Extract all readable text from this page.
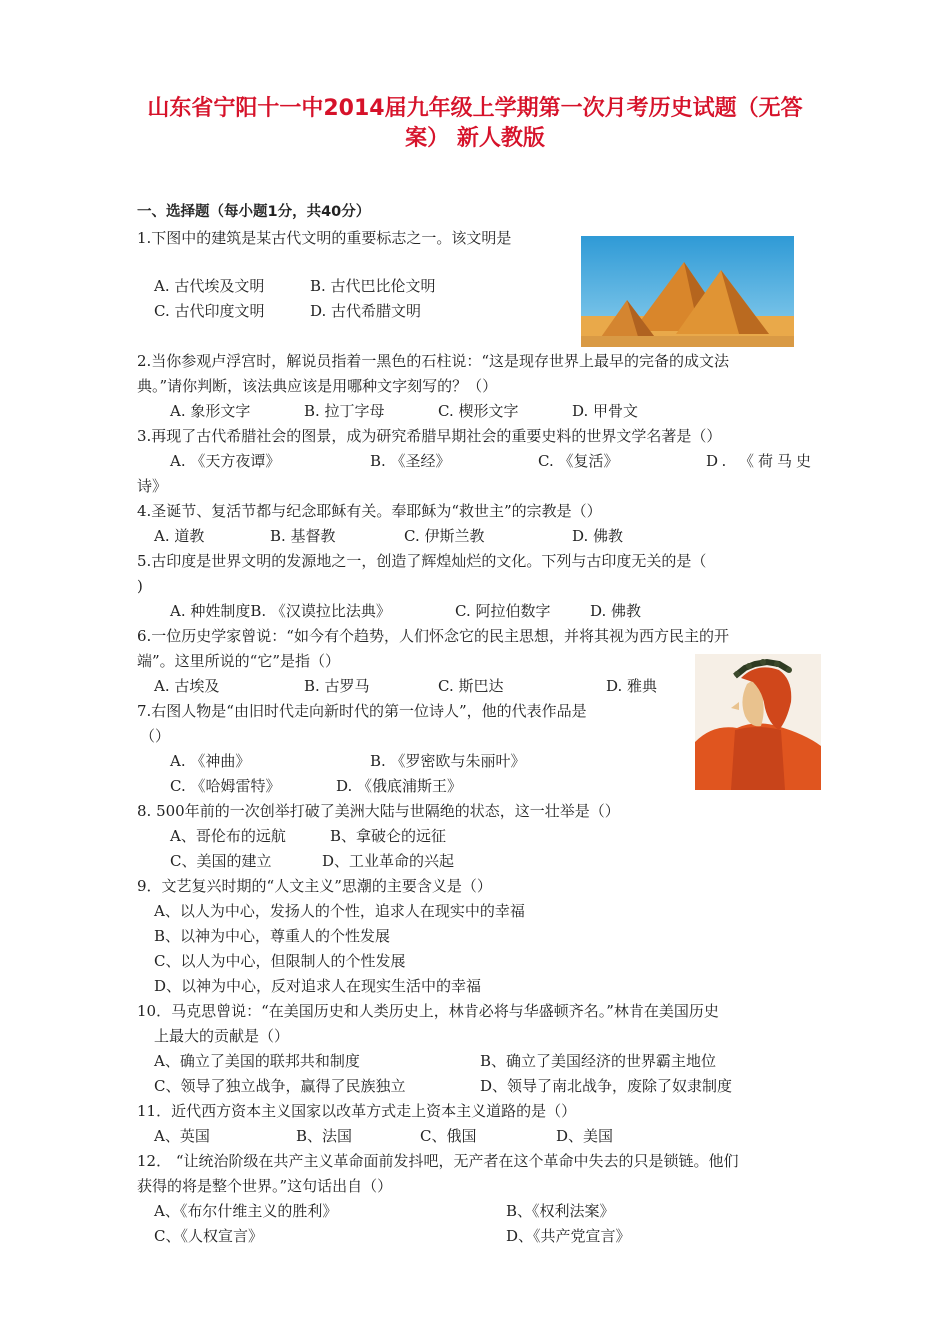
山东省宁阳十一中2014届九年级上学期第一次月考历史试题（无答
案） 新人教版
一、选择题（每小题1分，共40分）
1.下图中的建筑是某古代文明的重要标志之一。该文明是
A. 古代埃及文明	B. 古代巴比伦文明
C. 古代印度文明	D. 古代希腊文明
2.当你参观卢浮宫时，解说员指着一黑色的石柱说：“这是现存世界上最早的完备的成文法
典。”请你判断，该法典应该是用哪种文字刻写的？（）
A. 象形文字	B. 拉丁字母	C. 楔形文字	D. 甲骨文
3.再现了古代希腊社会的图景，成为研究希腊早期社会的重要史料的世界文学名著是（）
A. 《天方夜谭》	B. 《圣经》	C. 《复活》	D. 《荷马史
诗》
4.圣诞节、复活节都与纪念耶稣有关。奉耶稣为“救世主”的宗教是（）
A. 道教	B. 基督教	C. 伊斯兰教	D. 佛教
5.古印度是世界文明的发源地之一，创造了辉煌灿烂的文化。下列与古印度无关的是（
)
A. 种姓制度B. 《汉谟拉比法典》	C. 阿拉伯数字	D. 佛教
6.一位历史学家曾说：“如今有个趋势，人们怀念它的民主思想，并将其视为西方民主的开
端”。这里所说的“它”是指（）
A. 古埃及	B. 古罗马	C. 斯巴达	D. 雅典
7.右图人物是“由旧时代走向新时代的第一位诗人”，他的代表作品是
（）
A. 《神曲》	B. 《罗密欧与朱丽叶》
C. 《哈姆雷特》	D. 《俄底浦斯王》
8. 500年前的一次创举打破了美洲大陆与世隔绝的状态，这一壮举是（）
A、哥伦布的远航	B、拿破仑的远征
C、美国的建立	D、工业革命的兴起
9．文艺复兴时期的“人文主义”思潮的主要含义是（）
A、以人为中心，发扬人的个性，追求人在现实中的幸福
B、以神为中心，尊重人的个性发展
C、以人为中心，但限制人的个性发展
D、以神为中心，反对追求人在现实生活中的幸福
10．马克思曾说：“在美国历史和人类历史上，林肯必将与华盛顿齐名。”林肯在美国历史
上最大的贡献是（）
A、确立了美国的联邦共和制度	B、确立了美国经济的世界霸主地位
C、领导了独立战争，赢得了民族独立	D、领导了南北战争，废除了奴隶制度
11．近代西方资本主义国家以改革方式走上资本主义道路的是（）
A、英国	B、法国	C、俄国	D、美国
12． “让统治阶级在共产主义革命面前发抖吧，无产者在这个革命中失去的只是锁链。他们
获得的将是整个世界。”这句话出自（）
A、《布尔什维主义的胜利》	B、《权利法案》
C、《人权宣言》	D、《共产党宣言》
